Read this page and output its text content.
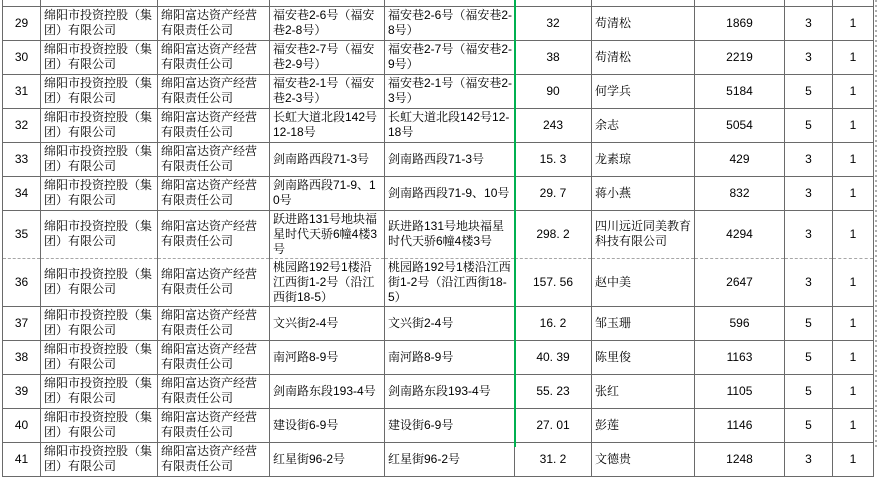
29	绵阳市投资控股（集团）有限公司	绵阳富达资产经营有限责任公司	福安巷2-6号（福安巷2-8号）	福安巷2-6号（福安巷2-8号）	32	苟清松	1869	3	1
30	绵阳市投资控股（集团）有限公司	绵阳富达资产经营有限责任公司	福安巷2-7号（福安巷2-9号）	福安巷2-7号（福安巷2-9号）	38	苟清松	2219	3	1
31	绵阳市投资控股（集团）有限公司	绵阳富达资产经营有限责任公司	福安巷2-1号（福安巷2-3号）	福安巷2-1号（福安巷2-3号）	90	何学兵	5184	5	1
32	绵阳市投资控股（集团）有限公司	绵阳富达资产经营有限责任公司	长虹大道北段142号12-18号	长虹大道北段142号12-18号	243	余志	5054	5	1
33	绵阳市投资控股（集团）有限公司	绵阳富达资产经营有限责任公司	剑南路西段71-3号	剑南路西段71-3号	15. 3	龙素琼	429	3	1
34	绵阳市投资控股（集团）有限公司	绵阳富达资产经营有限责任公司	剑南路西段71-9、10号	剑南路西段71-9、10号	29. 7	蒋小燕	832	3	1
35	绵阳市投资控股（集团）有限公司	绵阳富达资产经营有限责任公司	跃进路131号地块福星时代天骄6幢4楼3号	跃进路131号地块福星时代天骄6幢4楼3号	298. 2	四川远近同美教育科技有限公司	4294	3	1
36	绵阳市投资控股（集团）有限公司	绵阳富达资产经营有限责任公司	桃园路192号1楼沿江西街1-2号（沿江西街18-5）	桃园路192号1楼沿江西街1-2号（沿江西街18-5）	157. 56	赵中美	2647	3	1
37	绵阳市投资控股（集团）有限公司	绵阳富达资产经营有限责任公司	文兴街2-4号	文兴街2-4号	16. 2	邹玉珊	596	5	1
38	绵阳市投资控股（集团）有限公司	绵阳富达资产经营有限责任公司	南河路8-9号	南河路8-9号	40. 39	陈里俊	1163	5	1
39	绵阳市投资控股（集团）有限公司	绵阳富达资产经营有限责任公司	剑南路东段193-4号	剑南路东段193-4号	55. 23	张红	1105	5	1
40	绵阳市投资控股（集团）有限公司	绵阳富达资产经营有限责任公司	建设街6-9号	建设街6-9号	27. 01	彭莲	1146	5	1
41	绵阳市投资控股（集团）有限公司	绵阳富达资产经营有限责任公司	红星街96-2号	红星街96-2号	31. 2	文德贵	1248	3	1
